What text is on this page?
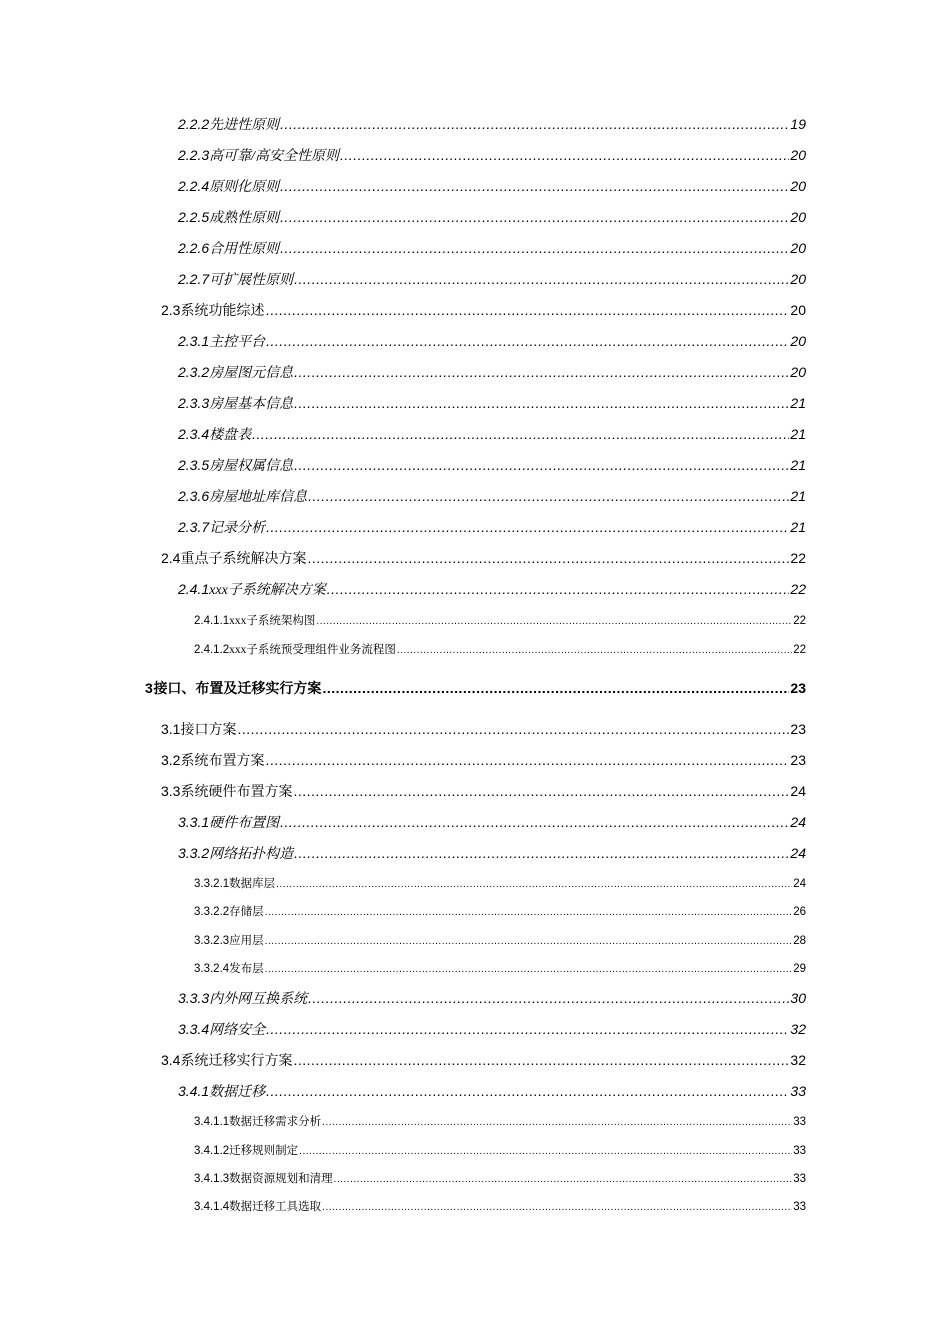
2.2.2 先进性原则 .....	19
2.2.3 高可靠/高安全性原则 .....	20
2.2.4 原则化原则 .....	20
2.2.5 成熟性原则 .....	20
2.2.6 合用性原则 .....	20
2.2.7 可扩展性原则 .....	20
2.3 系统功能综述 .....	20
2.3.1 主控平台 .....	20
2.3.2 房屋图元信息 .....	20
2.3.3 房屋基本信息 .....	21
2.3.4 楼盘表 .....	21
2.3.5 房屋权属信息 .....	21
2.3.6 房屋地址库信息 .....	21
2.3.7 记录分析 .....	21
2.4 重点子系统解决方案 .....	22
2.4.1 xxx子系统解决方案 .....	22
2.4.1.1 xxx子系统架构图 .....	22
2.4.1.2 xxx子系统预受理组件业务流程图 .....	22
3 接口、布置及迁移实行方案 .....	23
3.1 接口方案 .....	23
3.2 系统布置方案 .....	23
3.3 系统硬件布置方案 .....	24
3.3.1 硬件布置图 .....	24
3.3.2 网络拓扑构造 .....	24
3.3.2.1 数据库层 .....	24
3.3.2.2 存储层 .....	26
3.3.2.3 应用层 .....	28
3.3.2.4 发布层 .....	29
3.3.3 内外网互换系统 .....	30
3.3.4 网络安全 .....	32
3.4 系统迁移实行方案 .....	32
3.4.1 数据迁移 .....	33
3.4.1.1 数据迁移需求分析 .....	33
3.4.1.2 迁移规则制定 .....	33
3.4.1.3 数据资源规划和清理 .....	33
3.4.1.4 数据迁移工具选取 .....	33
